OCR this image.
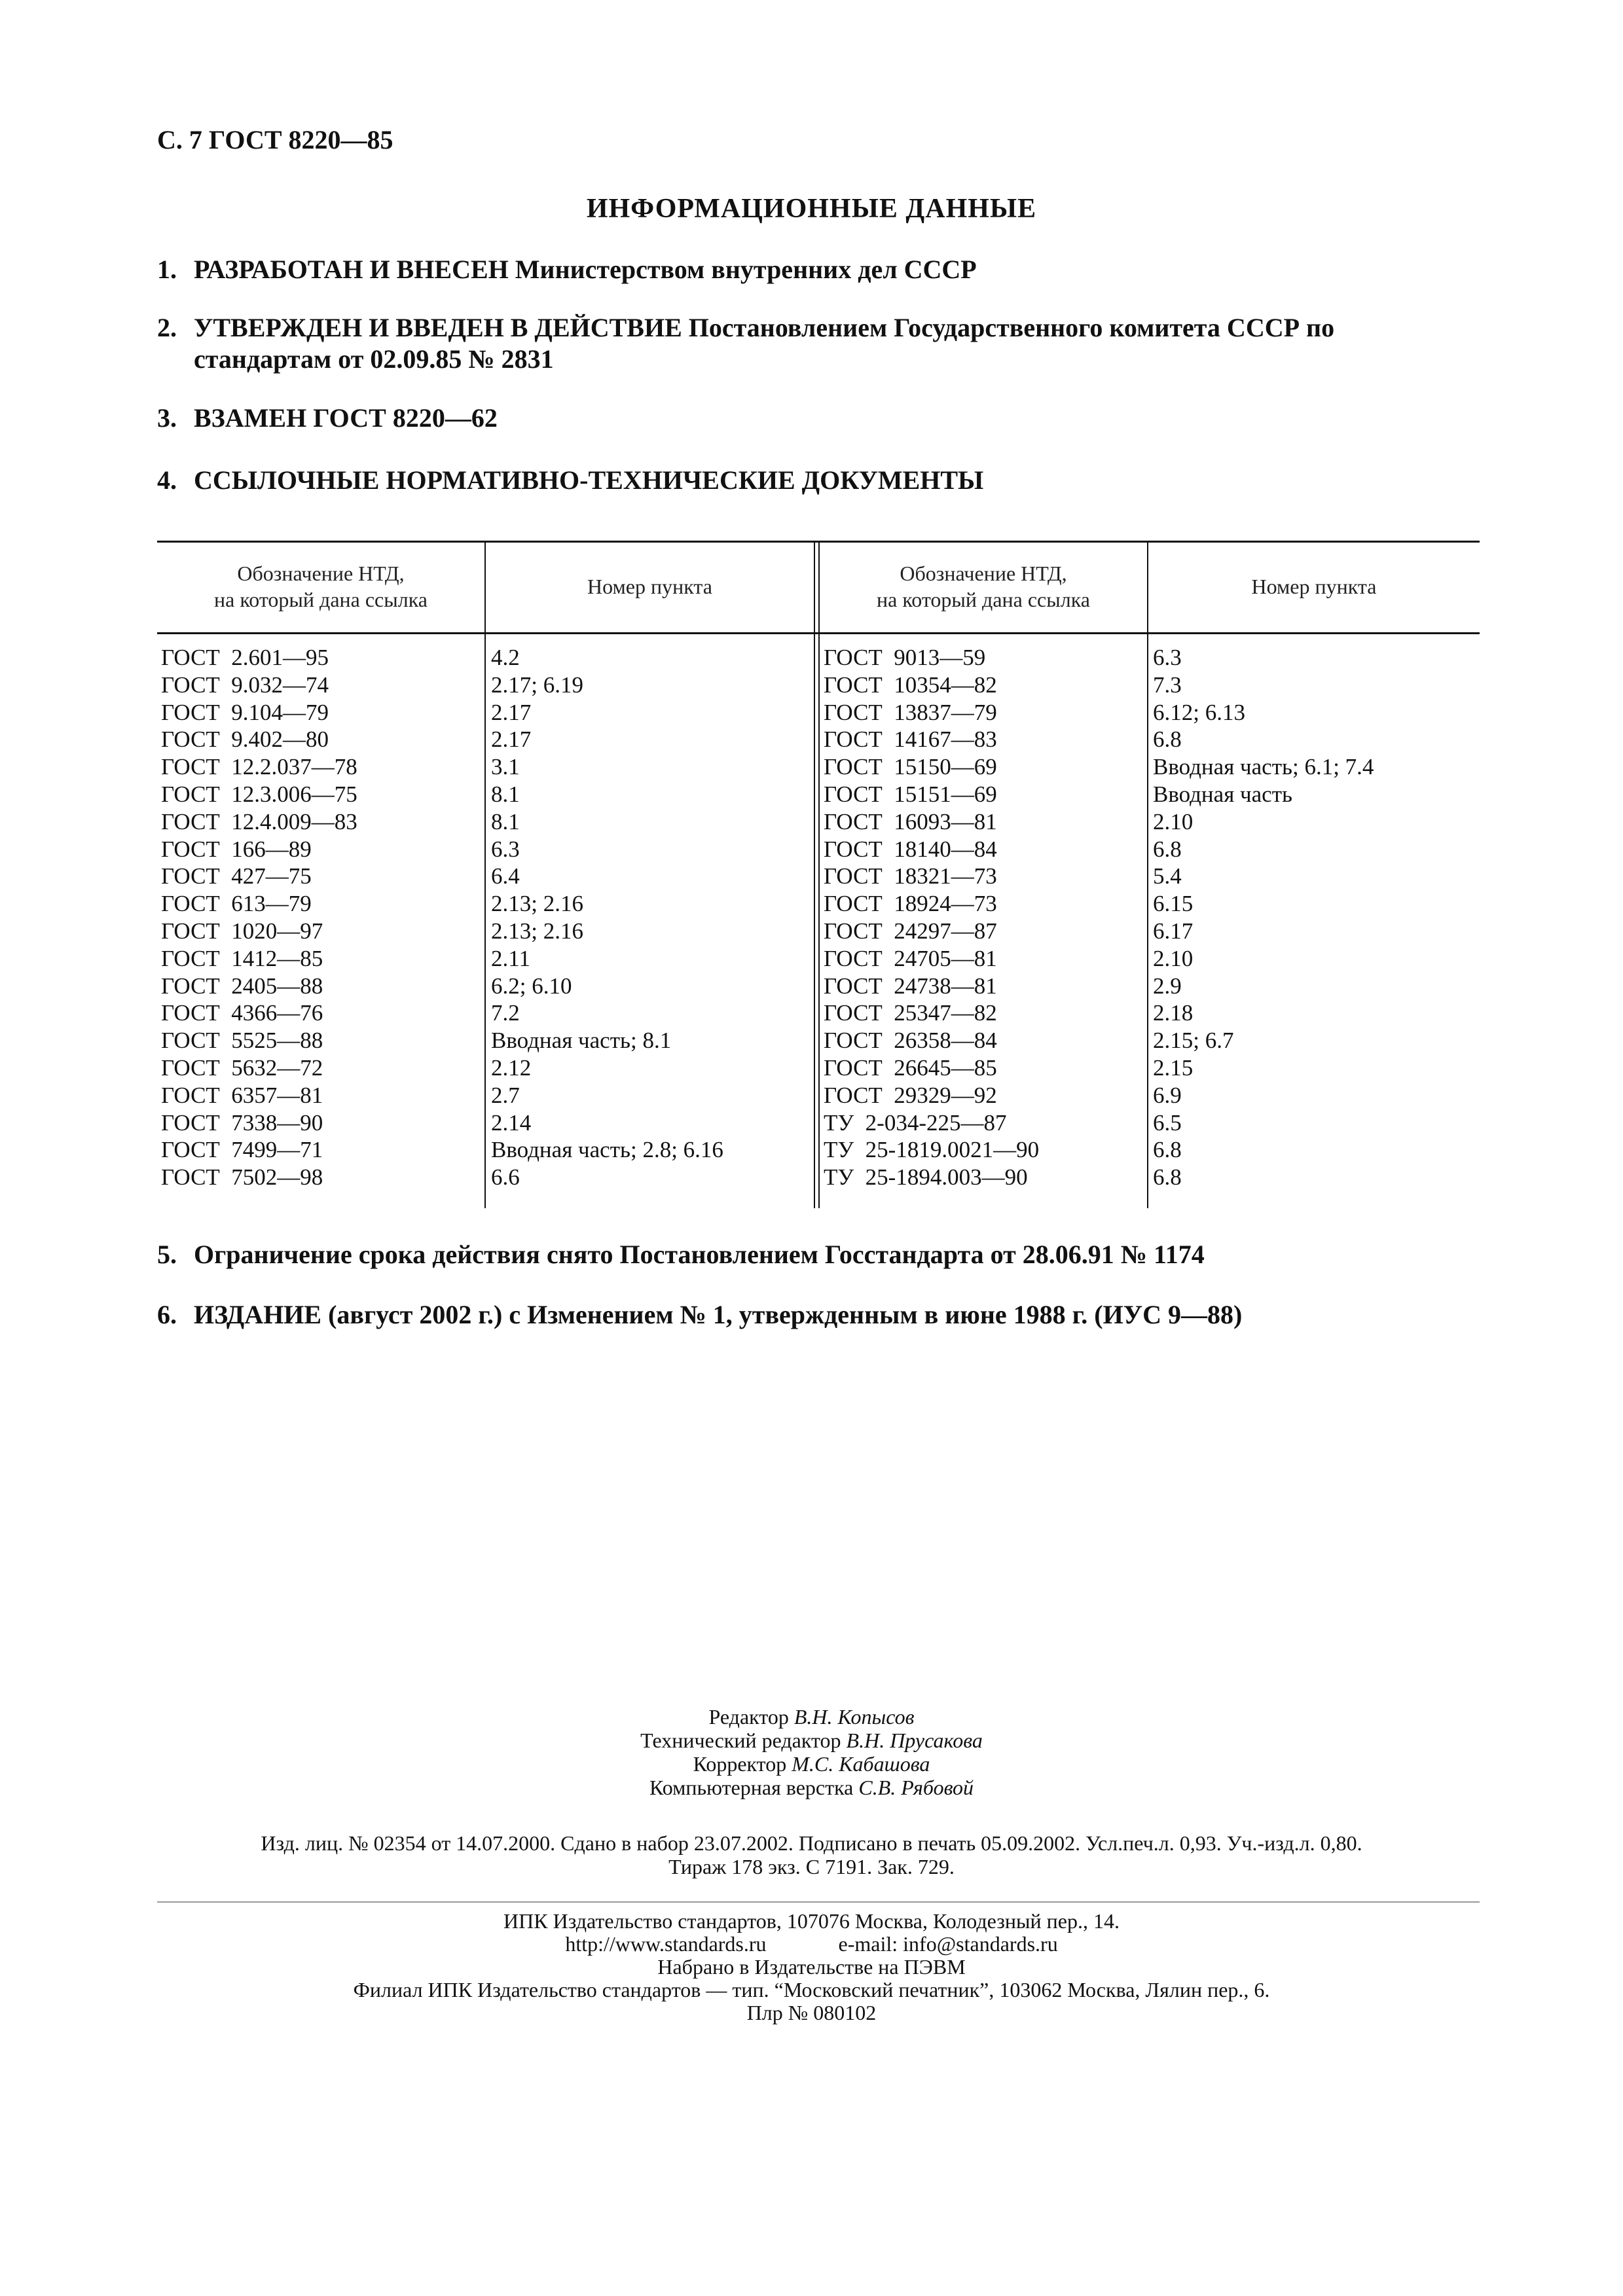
С. 7 ГОСТ 8220—85
ИНФОРМАЦИОННЫЕ ДАННЫЕ
1. РАЗРАБОТАН И ВНЕСЕН Министерством внутренних дел СССР
2. УТВЕРЖДЕН И ВВЕДЕН В ДЕЙСТВИЕ Постановлением Государственного комитета СССР по
стандартам от 02.09.85 № 2831
3. ВЗАМЕН ГОСТ 8220—62
4. ССЫЛОЧНЫЕ НОРМАТИВНО-ТЕХНИЧЕСКИЕ ДОКУМЕНТЫ
Обозначение НТД,
на который дана ссылка
Номер пункта
Обозначение НТД,
на который дана ссылка
Номер пункта
ГОСТ  2.601—95
ГОСТ  9.032—74
ГОСТ  9.104—79
ГОСТ  9.402—80
ГОСТ  12.2.037—78
ГОСТ  12.3.006—75
ГОСТ  12.4.009—83
ГОСТ  166—89
ГОСТ  427—75
ГОСТ  613—79
ГОСТ  1020—97
ГОСТ  1412—85
ГОСТ  2405—88
ГОСТ  4366—76
ГОСТ  5525—88
ГОСТ  5632—72
ГОСТ  6357—81
ГОСТ  7338—90
ГОСТ  7499—71
ГОСТ  7502—98
4.2
2.17; 6.19
2.17
2.17
3.1
8.1
8.1
6.3
6.4
2.13; 2.16
2.13; 2.16
2.11
6.2; 6.10
7.2
Вводная часть; 8.1
2.12
2.7
2.14
Вводная часть; 2.8; 6.16
6.6
ГОСТ  9013—59
ГОСТ  10354—82
ГОСТ  13837—79
ГОСТ  14167—83
ГОСТ  15150—69
ГОСТ  15151—69
ГОСТ  16093—81
ГОСТ  18140—84
ГОСТ  18321—73
ГОСТ  18924—73
ГОСТ  24297—87
ГОСТ  24705—81
ГОСТ  24738—81
ГОСТ  25347—82
ГОСТ  26358—84
ГОСТ  26645—85
ГОСТ  29329—92
ТУ  2-034-225—87
ТУ  25-1819.0021—90
ТУ  25-1894.003—90
6.3
7.3
6.12; 6.13
6.8
Вводная часть; 6.1; 7.4
Вводная часть
2.10
6.8
5.4
6.15
6.17
2.10
2.9
2.18
2.15; 6.7
2.15
6.9
6.5
6.8
6.8
5. Ограничение срока действия снято Постановлением Госстандарта от 28.06.91 № 1174
6. ИЗДАНИЕ (август 2002 г.) с Изменением № 1, утвержденным в июне 1988 г. (ИУС 9—88)
Редактор В.Н. Копысов
Технический редактор В.Н. Прусакова
Корректор М.С. Кабашова
Компьютерная верстка С.В. Рябовой
Изд. лиц. № 02354 от 14.07.2000. Сдано в набор 23.07.2002. Подписано в печать 05.09.2002. Усл.печ.л. 0,93. Уч.-изд.л. 0,80.
Тираж 178 экз. С 7191. Зак. 729.
ИПК Издательство стандартов, 107076 Москва, Колодезный пер., 14.
http://www.standards.ru	e-mail: info@standards.ru
Набрано в Издательстве на ПЭВМ
Филиал ИПК Издательство стандартов — тип. “Московский печатник”, 103062 Москва, Лялин пер., 6.
Плр № 080102
